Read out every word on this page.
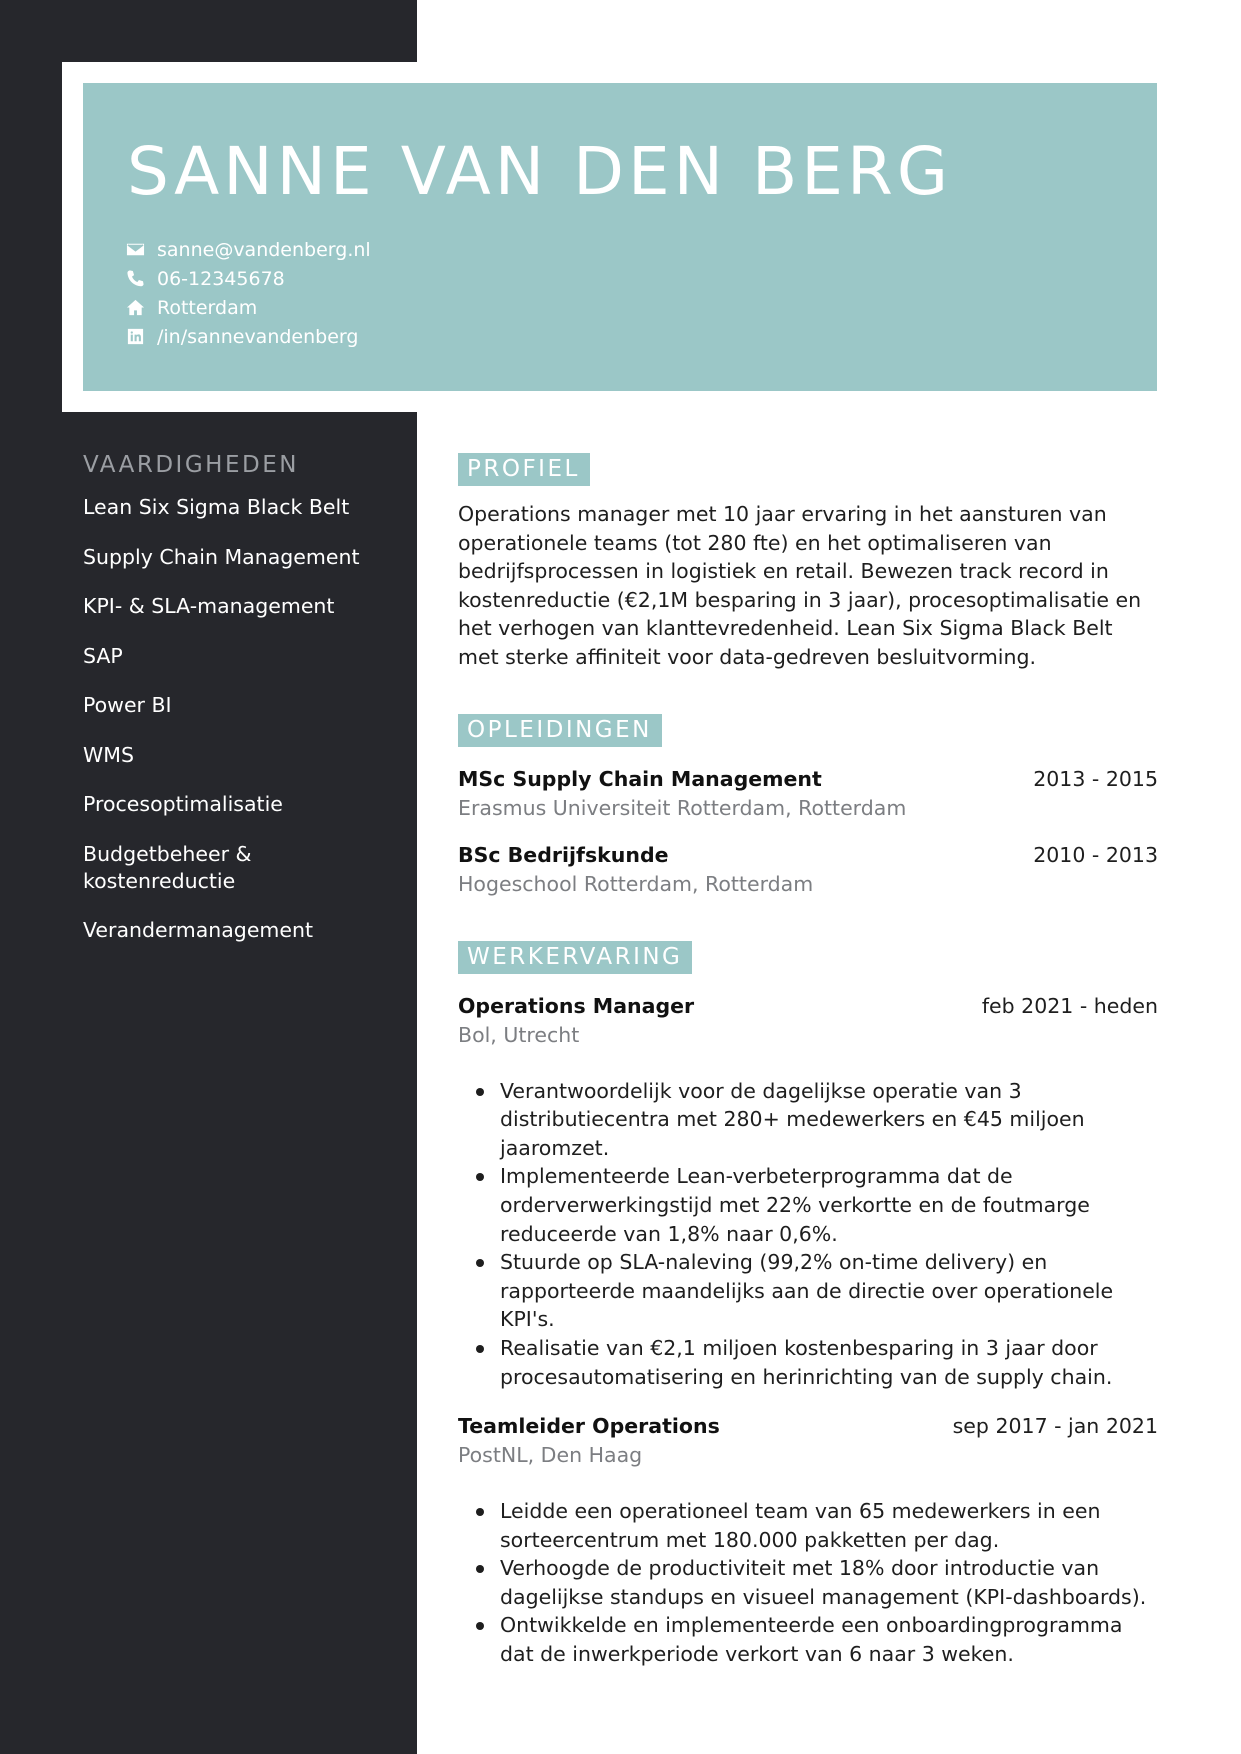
SANNE VAN DEN BERG
sanne@vandenberg.nl
06-12345678
Rotterdam
/in/sannevandenberg
VAARDIGHEDEN
Lean Six Sigma Black Belt
Supply Chain Management
KPI- & SLA-management
SAP
Power BI
WMS
Procesoptimalisatie
Budgetbeheer & kostenreductie
Verandermanagement
PROFIEL

Operations manager met 10 jaar ervaring in het aansturen van operationele teams (tot 280 fte) en het optimaliseren van bedrijfsprocessen in logistiek en retail. Bewezen track record in kostenreductie (€2,1M besparing in 3 jaar), procesoptimalisatie en het verhogen van klanttevredenheid. Lean Six Sigma Black Belt met sterke affiniteit voor data-gedreven besluitvorming.

OPLEIDINGEN
MSc Supply Chain Management	2013 - 2015
Erasmus Universiteit Rotterdam, Rotterdam
BSc Bedrijfskunde	2010 - 2013
Hogeschool Rotterdam, Rotterdam
WERKERVARING
Operations Manager	feb 2021 - heden
Bol, Utrecht
Verantwoordelijk voor de dagelijkse operatie van 3 distributiecentra met 280+ medewerkers en €45 miljoen jaaromzet.
Implementeerde Lean-verbeterprogramma dat de orderverwerkingstijd met 22% verkortte en de foutmarge reduceerde van 1,8% naar 0,6%.
Stuurde op SLA-naleving (99,2% on-time delivery) en rapporteerde maandelijks aan de directie over operationele KPI's.
Realisatie van €2,1 miljoen kostenbesparing in 3 jaar door procesautomatisering en herinrichting van de supply chain.
Teamleider Operations	sep 2017 - jan 2021
PostNL, Den Haag
Leidde een operationeel team van 65 medewerkers in een sorteercentrum met 180.000 pakketten per dag.
Verhoogde de productiviteit met 18% door introductie van dagelijkse standups en visueel management (KPI-dashboards).
Ontwikkelde en implementeerde een onboardingprogramma dat de inwerkperiode verkort van 6 naar 3 weken.
